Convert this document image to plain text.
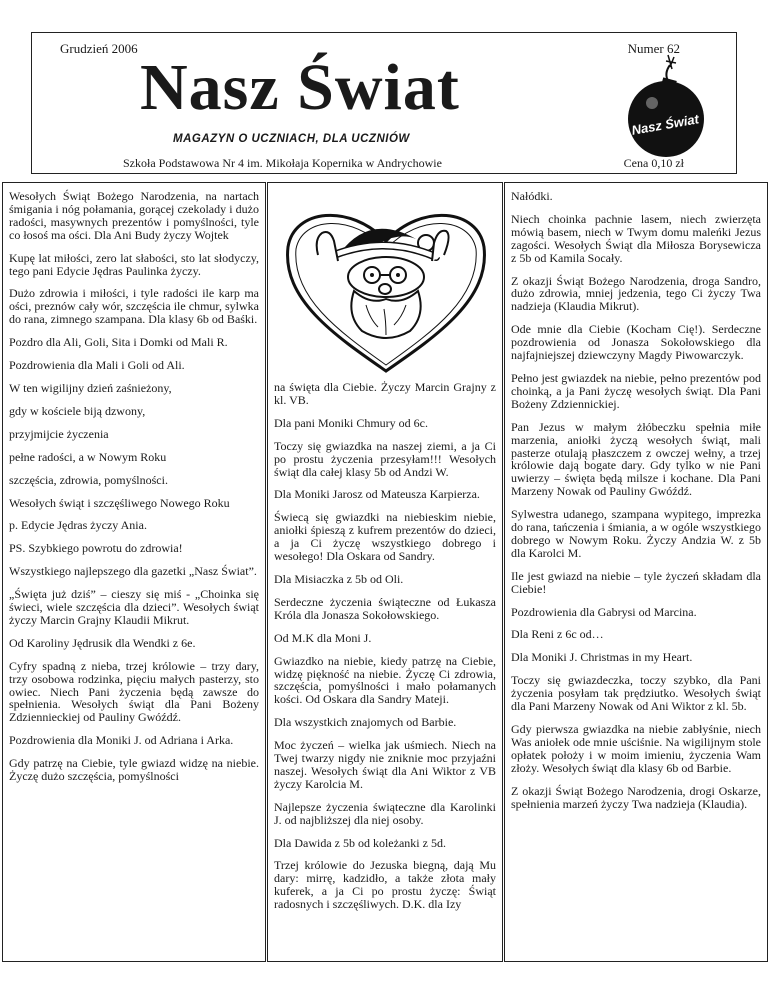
Grudzień 2006	Numer 62
Nasz Świat
MAGAZYN O UCZNIACH, DLA UCZNIÓW
Szkoła Podstawowa Nr 4 im. Mikołaja Kopernika w Andrychowie	Cena 0,10 zł
Nasz Świat

Wesołych Świąt Bożego Narodzenia, na nartach śmigania i nóg połamania, gorącej czekolady i dużo radości, masywnych prezentów i pomyślności, tyle co łosoś ma ości. Dla Ani Budy życzy Wojtek

Kupę lat miłości, zero lat słabości, sto lat słodyczy, tego pani Edycie Jędras Paulinka życzy.

Dużo zdrowia i miłości, i tyle radości ile karp ma ości, preznów cały wór, szczęścia ile chmur, sylwka do rana, zimnego szampana. Dla klasy 6b od Baśki.

Pozdro dla Ali, Goli, Sita i Domki od Mali R.

Pozdrowienia dla Mali i Goli od Ali.

W ten wigilijny dzień zaśnieżony,

gdy w kościele biją dzwony,

przyjmijcie życzenia

pełne radości, a w Nowym Roku

szczęścia, zdrowia, pomyślności.

Wesołych świąt i szczęśliwego Nowego Roku

p. Edycie Jędras życzy Ania.

PS. Szybkiego powrotu do zdrowia!

Wszystkiego najlepszego dla gazetki „Nasz Świat”.

„Święta już dziś” – cieszy się miś - „Choinka się świeci, wiele szczęścia dla dzieci”. Wesołych świąt życzy Marcin Grajny Klaudii Mikrut.

Od Karoliny Jędrusik dla Wendki z 6e.

Cyfry spadną z nieba, trzej królowie – trzy dary, trzy osobowa rodzinka, pięciu małych pasterzy, sto owiec. Niech Pani życzenia będą zawsze do spełnienia. Wesołych świąt dla Pani Bożeny Zdzienniеckiej od Pauliny Gwóźdź.

Pozdrowienia dla Moniki J. od Adriana i Arka.

Gdy patrzę na Ciebie, tyle gwiazd widzę na niebie. Życzę dużo szczęścia, pomyślności

na święta dla Ciebie. Życzy Marcin Grajny z kl. VB.

Dla pani Moniki Chmury od 6c.

Toczy się gwiazdka na naszej ziemi, a ja Ci po prostu życzenia przesyłam!!! Wesołych świąt dla całej klasy 5b od Andzi W.

Dla Moniki Jarosz od Mateusza Karpierza.

Świecą się gwiazdki na niebieskim niebie, aniołki śpieszą z kufrem prezentów do dzieci, a ja Ci życzę wszystkiego dobrego i wesołego! Dla Oskara od Sandry.

Dla Misiaczka z 5b od Oli.

Serdeczne życzenia świąteczne od Łukasza Króla dla Jonasza Sokołowskiego.

Od M.K dla Moni J.

Gwiazdko na niebie, kiedy patrzę na Ciebie, widzę piękność na niebie. Życzę Ci zdrowia, szczęścia, pomyślności i mało połamanych kości. Od Oskara dla Sandry Mateji.

Dla wszystkich znajomych od Barbie.

Moc życzeń – wielka jak uśmiech. Niech na Twej twarzy nigdy nie zniknie moc przyjaźni naszej. Wesołych świąt dla Ani Wiktor z VB życzy Karolcia M.

Najlepsze życzenia świąteczne dla Karolinki J. od najbliższej dla niej osoby.

Dla Dawida z 5b od koleżanki z 5d.

Trzej królowie do Jezuska biegną, dają Mu dary: mirrę, kadzidło, a także złota mały kuferek, a ja Ci po prostu życzę: Świąt radosnych i szczęśliwych. D.K. dla Izy

Nałódki.

Niech choinka pachnie lasem, niech zwierzęta mówią basem, niech w Twym domu maleńki Jezus zagości. Wesołych Świąt dla Miłosza Borysewicza z 5b od Kamila Socały.

Z okazji Świąt Bożego Narodzenia, droga Sandro, dużo zdrowia, mniej jedzenia, tego Ci życzy Twa nadzieja (Klaudia Mikrut).

Ode mnie dla Ciebie (Kocham Cię!). Serdeczne pozdrowienia od Jonasza Sokołowskiego dla najfajniejszej dziewczyny Magdy Piwowarczyk.

Pełno jest gwiazdek na niebie, pełno prezentów pod choinką, a ja Pani życzę wesołych świąt. Dla Pani Bożeny Zdziennickiej.

Pan Jezus w małym żłóbeczku spełnia miłe marzenia, aniołki życzą wesołych świąt, mali pasterze otulają płaszczem z owczej wełny, a trzej królowie dają bogate dary. Gdy tylko w nie Pani uwierzy – święta będą milsze i kochane. Dla Pani Marzeny Nowak od Pauliny Gwóźdź.

Sylwestra udanego, szampana wypitego, imprezka do rana, tańczenia i śmiania, a w ogóle wszystkiego dobrego w Nowym Roku. Życzy Andzia W. z 5b dla Karolci M.

Ile jest gwiazd na niebie – tyle życzeń składam dla Ciebie!

Pozdrowienia dla Gabrysi od Marcina.

Dla Reni z 6c od…

Dla Moniki J. Christmas in my Heart.

Toczy się gwiazdeczka, toczy szybko, dla Pani życzenia posyłam tak prędziutko. Wesołych świąt dla Pani Marzeny Nowak od Ani Wiktor z kl. 5b.

Gdy pierwsza gwiazdka na niebie zabłyśnie, niech Was aniołek ode mnie uściśnie. Na wigilijnym stole opłatek położy i w moim imieniu, życzenia Wam złoży. Wesołych świąt dla klasy 6b od Barbie.

Z okazji Świąt Bożego Narodzenia, drogi Oskarze, spełnienia marzeń życzy Twa nadzieja (Klaudia).
